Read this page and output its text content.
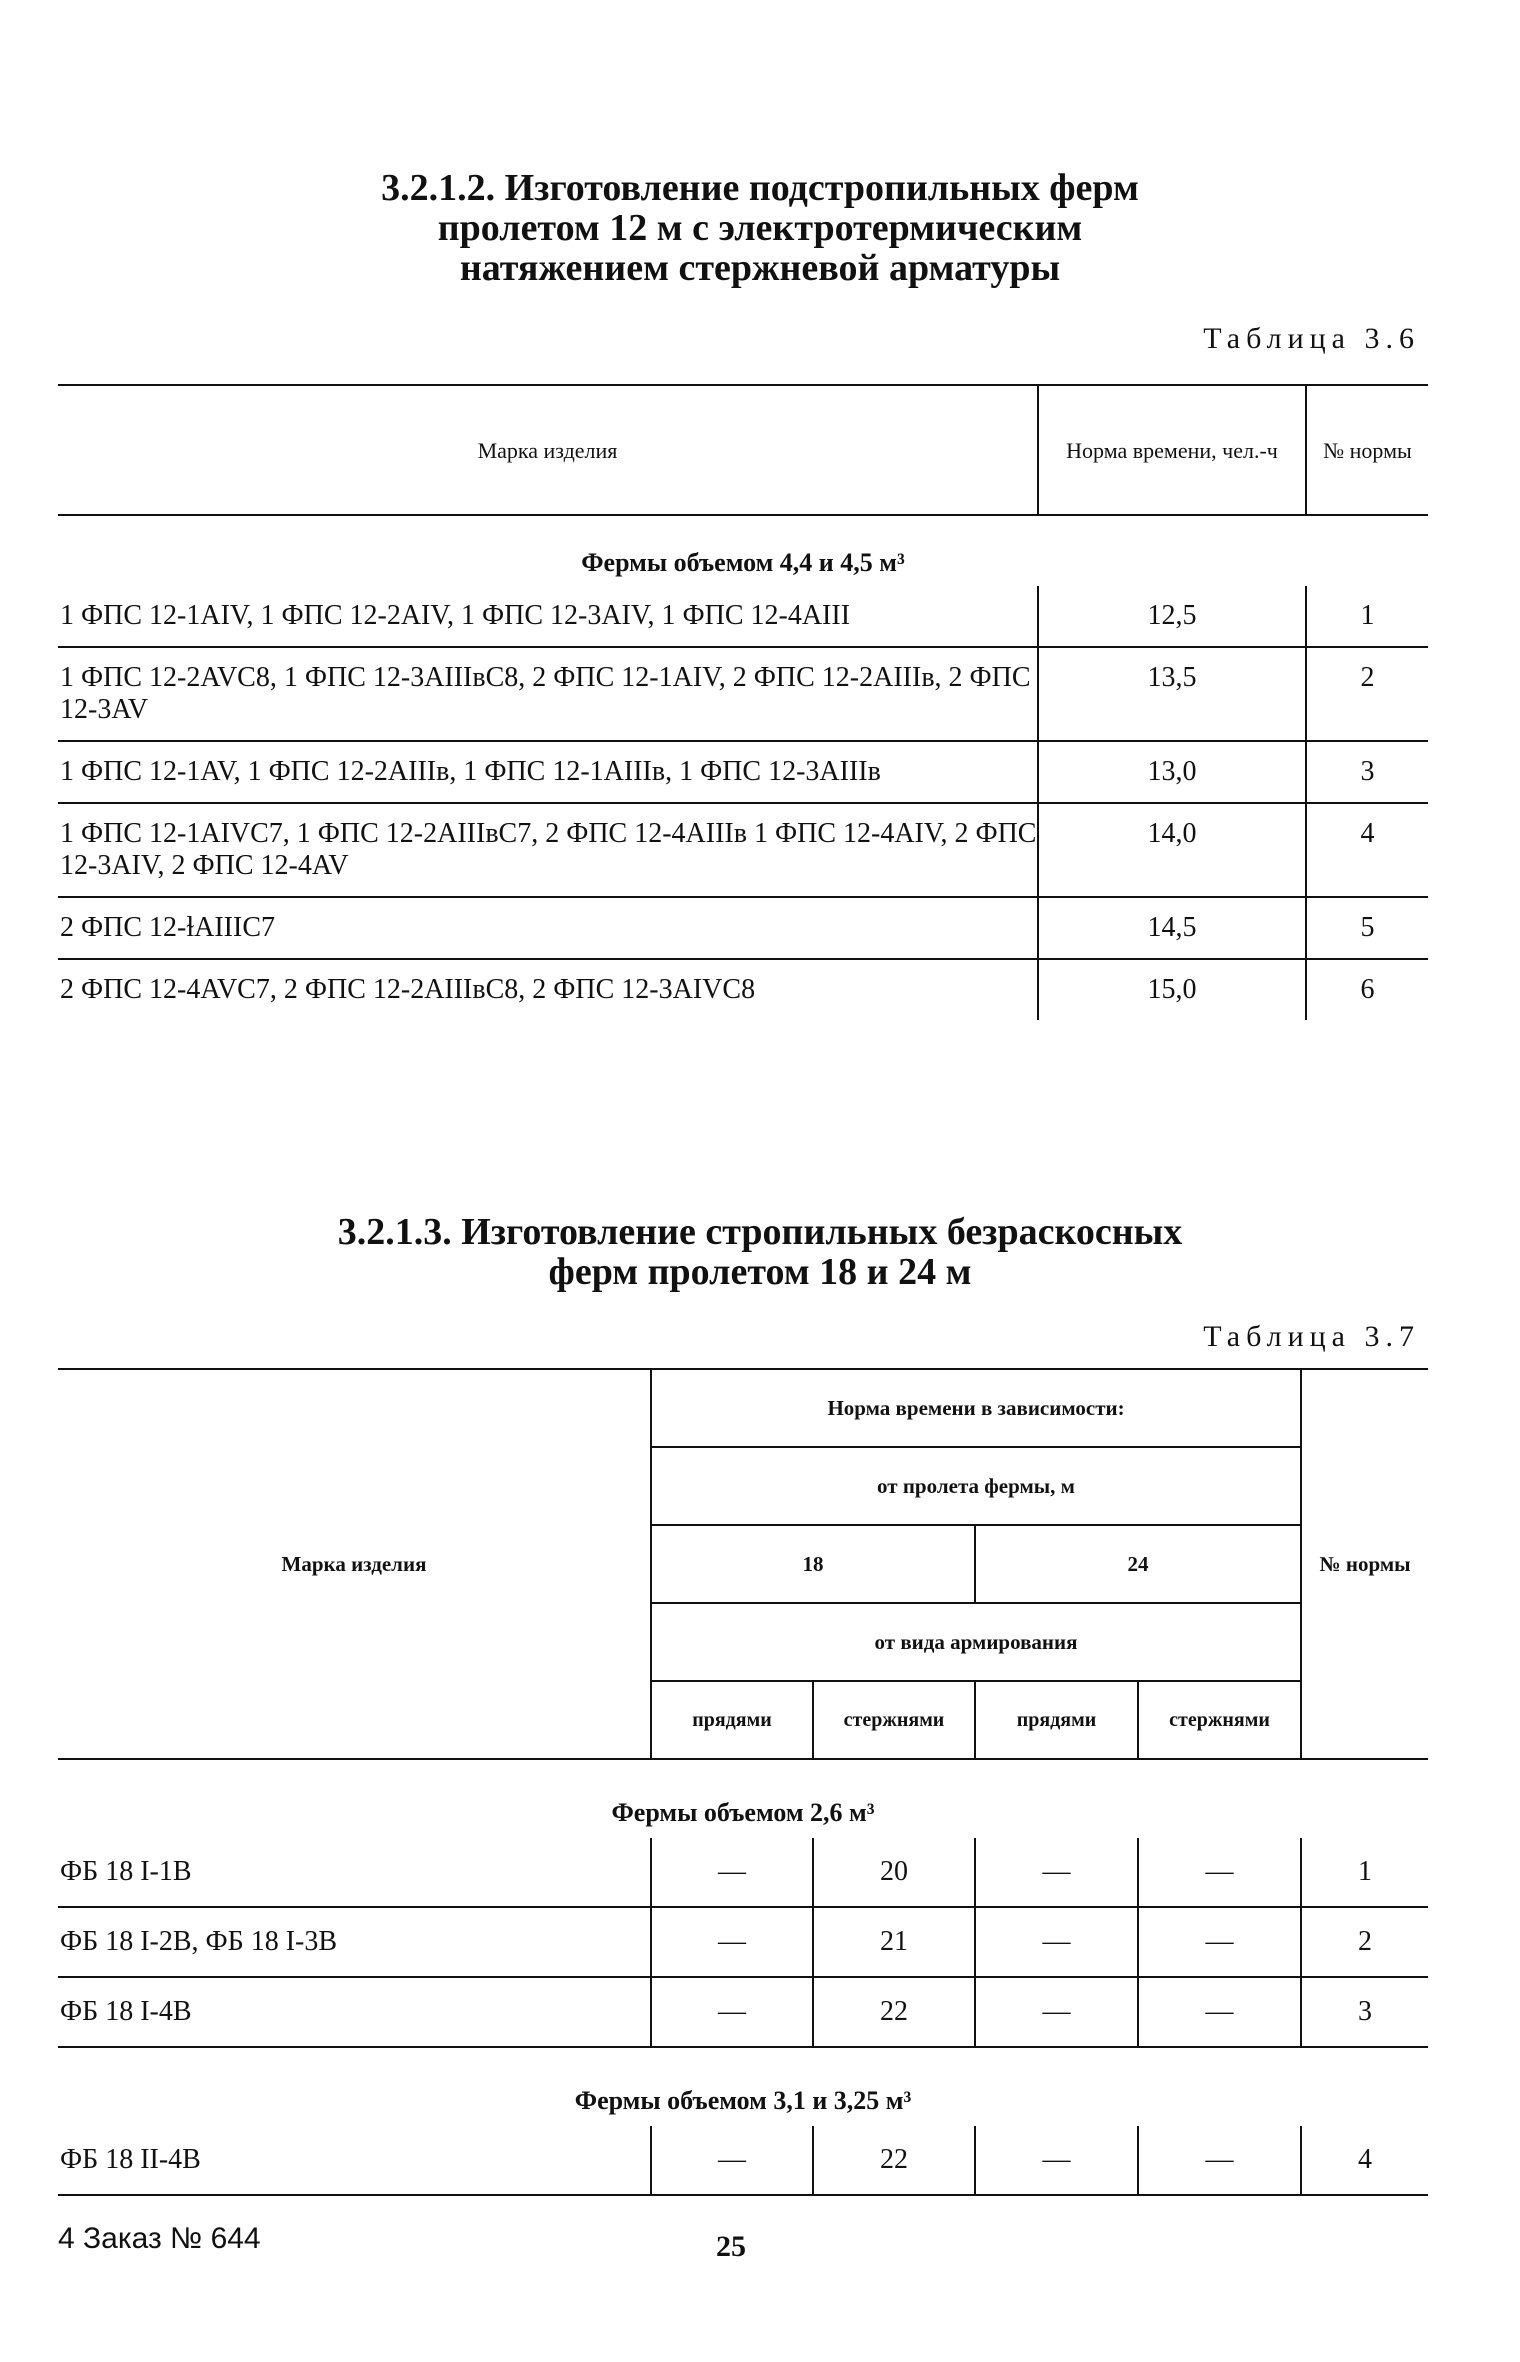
3.2.1.2. Изготовление подстропильных ферм
пролетом 12 м с электротермическим
натяжением стержневой арматуры

Таблица 3.6

Марка изделия	Норма времени, чел.-ч	№ нормы
Фермы объемом 4,4 и 4,5 м³		
1 ФПС 12-1AIV, 1 ФПС 12-2AIV, 1 ФПС 12-3AIV, 1 ФПС 12-4AIII	12,5	1
1 ФПС 12-2AVC8, 1 ФПС 12-3AIIIвC8, 2 ФПС 12-1AIV, 2 ФПС 12-2AIIIв, 2 ФПС 12-3AV	13,5	2
1 ФПС 12-1AV, 1 ФПС 12-2AIIIв, 1 ФПС 12-1AIIIв, 1 ФПС 12-3AIIIв	13,0	3
1 ФПС 12-1AIVC7, 1 ФПС 12-2AIIIвC7, 2 ФПС 12-4AIIIв 1 ФПС 12-4AIV, 2 ФПС 12-3AIV, 2 ФПС 12-4AV	14,0	4
2 ФПС 12-ɫAIIIC7	14,5	5
2 ФПС 12-4AVC7, 2 ФПС 12-2AIIIвC8, 2 ФПС 12-3AIVC8	15,0	6
3.2.1.3. Изготовление стропильных безраскосных
ферм пролетом 18 и 24 м

Таблица 3.7

Марка изделия	Норма времени в зависимости:				№ нормы
	от пролета фермы, м				
	18		24		
	от вида армирования				
	прядями	стержнями	прядями	стержнями	
Фермы объемом 2,6 м³					
ФБ 18 I-1B	—	20	—	—	1
ФБ 18 I-2B, ФБ 18 I-3B	—	21	—	—	2
ФБ 18 I-4B	—	22	—	—	3
Фермы объемом 3,1 и 3,25 м³					
ФБ 18 II-4B	—	22	—	—	4
4 Заказ № 644	25
